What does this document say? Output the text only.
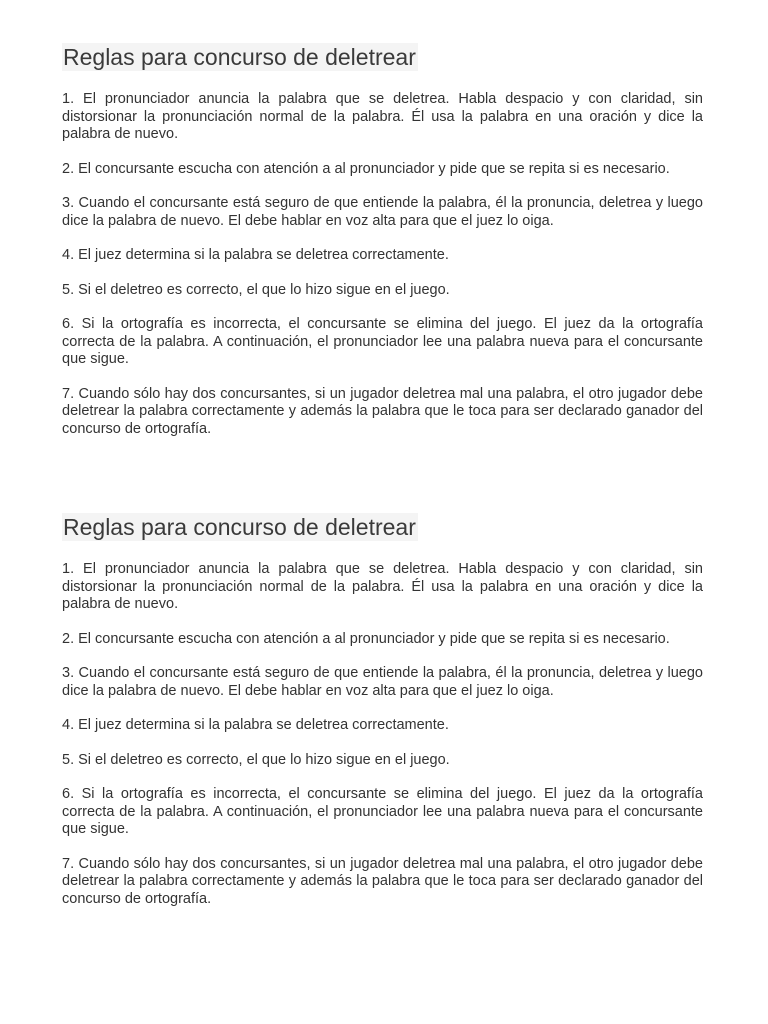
Reglas para concurso de deletrear

1. El pronunciador anuncia la palabra que se deletrea. Habla despacio y con claridad, sin distorsionar la pronunciación normal de la palabra. Él usa la palabra en una oración y dice la palabra de nuevo.

2. El concursante escucha con atención a al pronunciador y pide que se repita si es necesario.

3. Cuando el concursante está seguro de que entiende la palabra, él la pronuncia, deletrea y luego dice la palabra de nuevo. El debe hablar en voz alta para que el juez lo oiga.

4. El juez determina si la palabra se deletrea correctamente.

5. Si el deletreo es correcto, el que lo hizo sigue en el juego.

6. Si la ortografía es incorrecta, el concursante se elimina del juego. El juez da la ortografía correcta de la palabra. A continuación, el pronunciador lee una palabra nueva para el concursante que sigue.

7. Cuando sólo hay dos concursantes, si un jugador deletrea mal una palabra, el otro jugador debe deletrear la palabra correctamente y además la palabra que le toca para ser declarado ganador del concurso de ortografía.

Reglas para concurso de deletrear

1. El pronunciador anuncia la palabra que se deletrea. Habla despacio y con claridad, sin distorsionar la pronunciación normal de la palabra. Él usa la palabra en una oración y dice la palabra de nuevo.

2. El concursante escucha con atención a al pronunciador y pide que se repita si es necesario.

3. Cuando el concursante está seguro de que entiende la palabra, él la pronuncia, deletrea y luego dice la palabra de nuevo. El debe hablar en voz alta para que el juez lo oiga.

4. El juez determina si la palabra se deletrea correctamente.

5. Si el deletreo es correcto, el que lo hizo sigue en el juego.

6. Si la ortografía es incorrecta, el concursante se elimina del juego. El juez da la ortografía correcta de la palabra. A continuación, el pronunciador lee una palabra nueva para el concursante que sigue.

7. Cuando sólo hay dos concursantes, si un jugador deletrea mal una palabra, el otro jugador debe deletrear la palabra correctamente y además la palabra que le toca para ser declarado ganador del concurso de ortografía.
